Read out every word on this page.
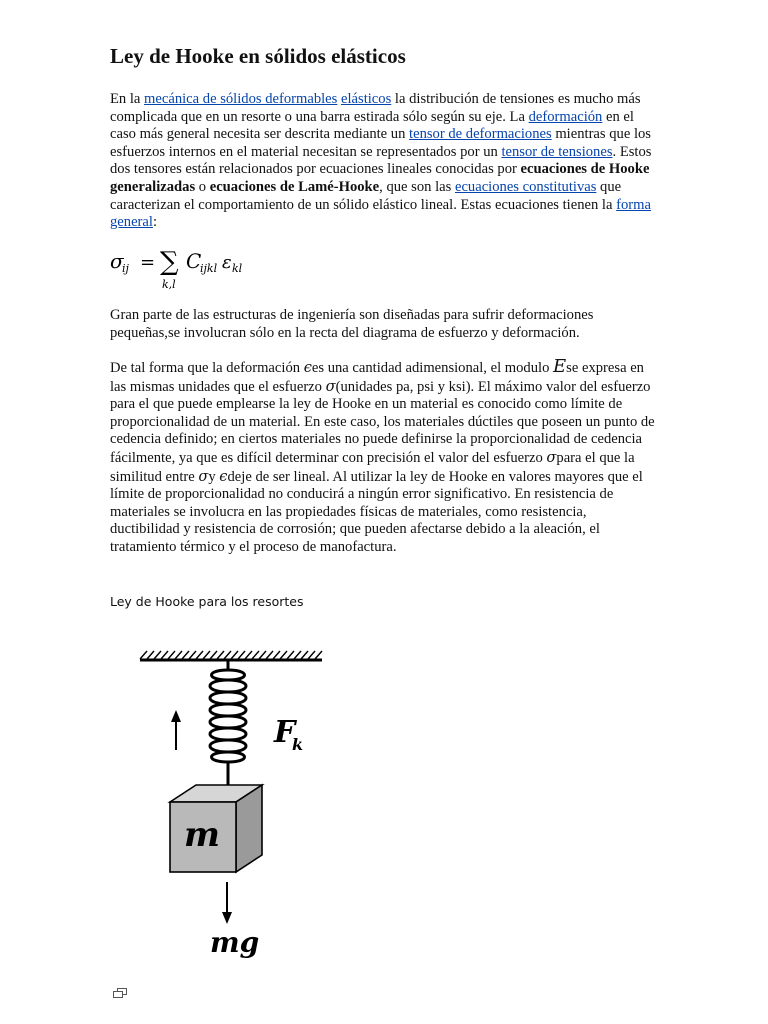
Ley de Hooke en sólidos elásticos

En la mecánica de sólidos deformables elásticos la distribución de tensiones es mucho más complicada que en un resorte o una barra estirada sólo según su eje. La deformación en el caso más general necesita ser descrita mediante un tensor de deformaciones mientras que los esfuerzos internos en el material necesitan se representados por un tensor de tensiones. Estos dos tensores están relacionados por ecuaciones lineales conocidas por ecuaciones de Hooke generalizadas o ecuaciones de Lamé-Hooke, que son las ecuaciones constitutivas que caracterizan el comportamiento de un sólido elástico lineal. Estas ecuaciones tienen la forma general:

σ
ij = ∑
k,l
C
ijkl ε kl

Gran parte de las estructuras de ingeniería son diseñadas para sufrir deformaciones pequeñas,se involucran sólo en la recta del diagrama de esfuerzo y deformación.

De tal forma que la deformación ϵes una cantidad adimensional, el modulo Ese expresa en las mismas unidades que el esfuerzo σ(unidades pa, psi y ksi). El máximo valor del esfuerzo para el que puede emplearse la ley de Hooke en un material es conocido como límite de proporcionalidad de un material. En este caso, los materiales dúctiles que poseen un punto de cedencia definido; en ciertos materiales no puede definirse la proporcionalidad de cedencia fácilmente, ya que es difícil determinar con precisión el valor del esfuerzo σpara el que la similitud entre σy ϵdeje de ser lineal. Al utilizar la ley de Hooke en valores mayores que el límite de proporcionalidad no conducirá a ningún error significativo. En resistencia de materiales se involucra en las propiedades físicas de materiales, como resistencia, ductibilidad y resistencia de corrosión; que pueden afectarse debido a la aleación, el tratamiento térmico y el proceso de manofactura.

Ley de Hooke para los resortes
F
k
m
mg
